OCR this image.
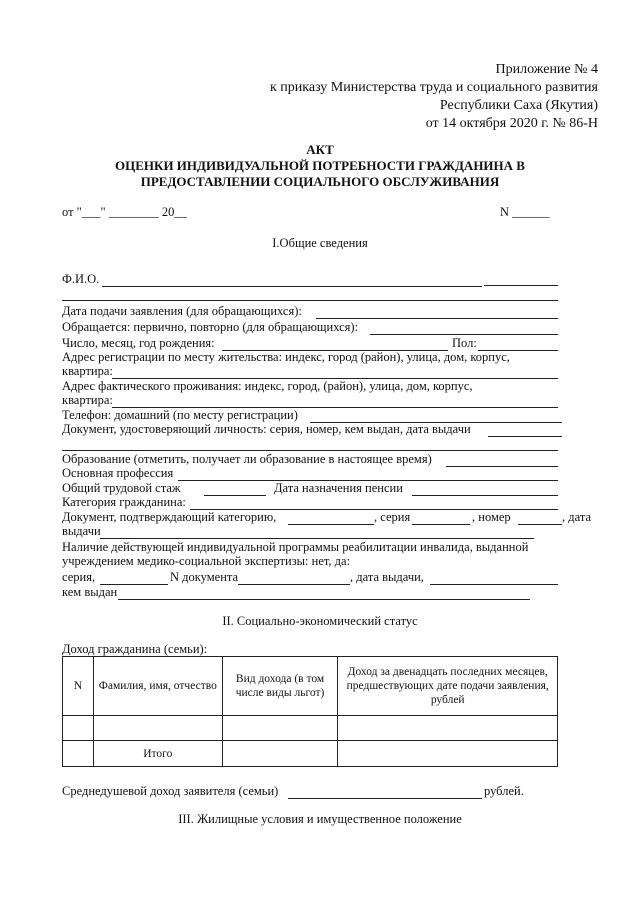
Приложение № 4
к приказу Министерства труда и социального развития
Республики Саха (Якутия)
от 14 октября 2020 г. № 86-Н
АКТ
ОЦЕНКИ ИНДИВИДУАЛЬНОЙ ПОТРЕБНОСТИ ГРАЖДАНИНА В
ПРЕДОСТАВЛЕНИИ СОЦИАЛЬНОГО ОБСЛУЖИВАНИЯ
от "___" ________ 20__	N ______
I.Общие сведения
Ф.И.О.
Дата подачи заявления (для обращающихся):
Обращается: первично, повторно (для обращающихся):
Число, месяц, год рождения:	Пол:
Адрес регистрации по месту жительства: индекс, город (район), улица, дом, корпус,
квартира:
Адрес фактического проживания: индекс, город, (район), улица, дом, корпус,
квартира:
Телефон: домашний (по месту регистрации)
Документ, удостоверяющий личность: серия, номер, кем выдан, дата выдачи
Образование (отметить, получает ли образование в настоящее время)
Основная профессия
Общий трудовой стаж	Дата назначения пенсии
Категория гражданина:
Документ, подтверждающий категорию,	, серия	, номер	, дата
выдачи
Наличие действующей индивидуальной программы реабилитации инвалида, выданной
учреждением медико-социальной экспертизы: нет, да:
серия,	N документа	, дата выдачи,
кем выдан
II. Социально-экономический статус
Доход гражданина (семьи):
N	Фамилия, имя, отчество	Вид дохода (в том числе виды льгот)	Доход за двенадцать последних месяцев, предшествующих дате подачи заявления, рублей

	Итого		
Среднедушевой доход заявителя (семьи)	рублей.
III. Жилищные условия и имущественное положение
